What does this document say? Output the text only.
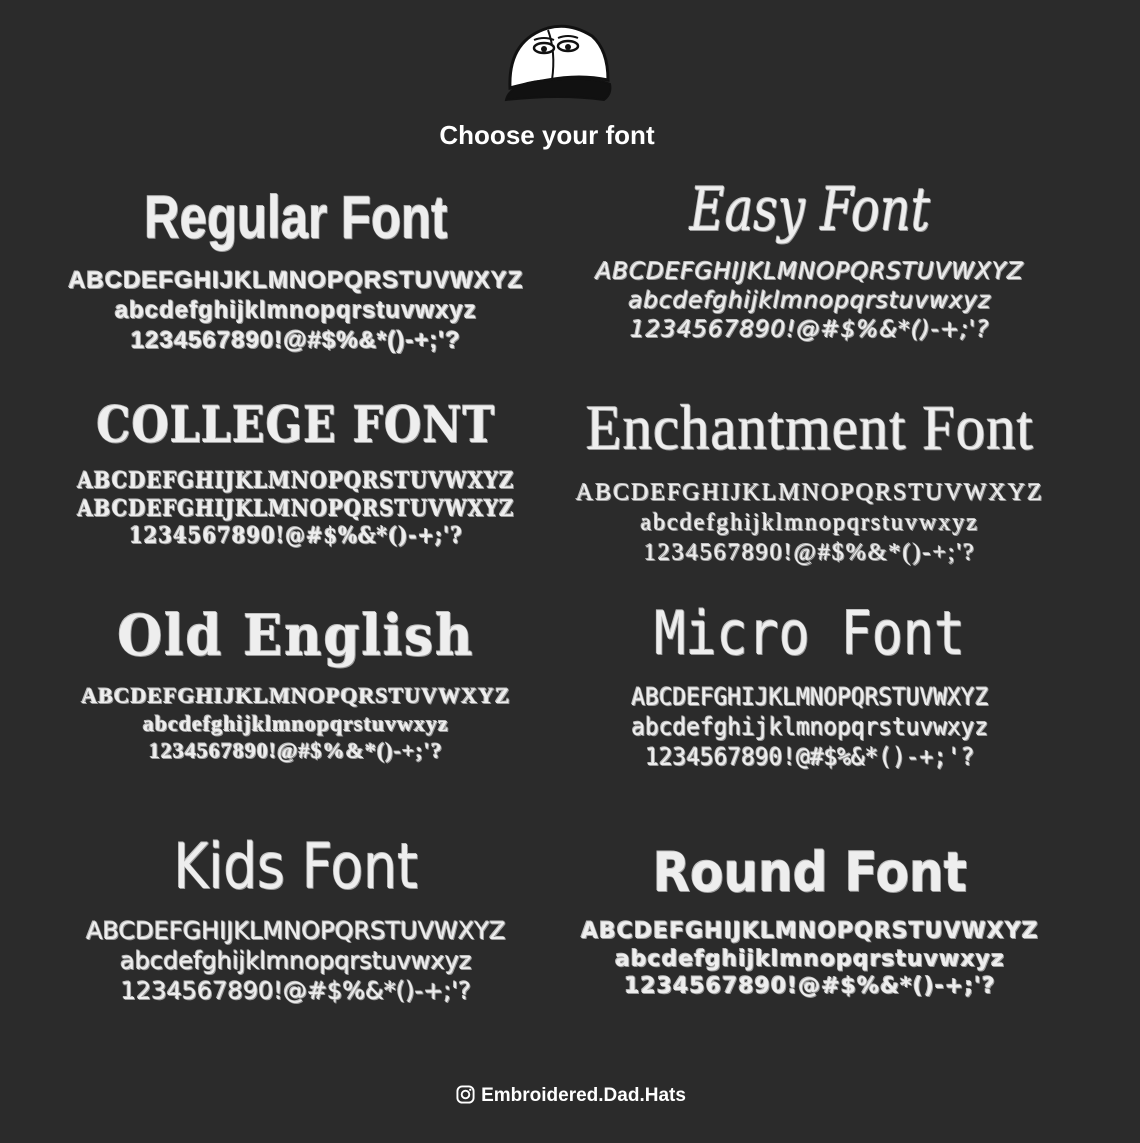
Choose your font
Regular Font
ABCDEFGHIJKLMNOPQRSTUVWXYZ
abcdefghijklmnopqrstuvwxyz
1234567890!@#$%&*()-+;'?
Easy Font
ABCDEFGHIJKLMNOPQRSTUVWXYZ
abcdefghijklmnopqrstuvwxyz
1234567890!@#$%&*()-+;'?
COLLEGE FONT
ABCDEFGHIJKLMNOPQRSTUVWXYZ
ABCDEFGHIJKLMNOPQRSTUVWXYZ
1234567890!@#$%&*()-+;'?
Enchantment Font
ABCDEFGHIJKLMNOPQRSTUVWXYZ
abcdefghijklmnopqrstuvwxyz
1234567890!@#$%&*()-+;'?
Old English
ABCDEFGHIJKLMNOPQRSTUVWXYZ
abcdefghijklmnopqrstuvwxyz
1234567890!@#$%&*()-+;'?
Micro Font
ABCDEFGHIJKLMNOPQRSTUVWXYZ
abcdefghijklmnopqrstuvwxyz
1234567890!@#$%&*()-+;'?
Kids Font
ABCDEFGHIJKLMNOPQRSTUVWXYZ
abcdefghijklmnopqrstuvwxyz
1234567890!@#$%&*()-+;'?
Round Font
ABCDEFGHIJKLMNOPQRSTUVWXYZ
abcdefghijklmnopqrstuvwxyz
1234567890!@#$%&*()-+;'?
Embroidered.Dad.Hats
